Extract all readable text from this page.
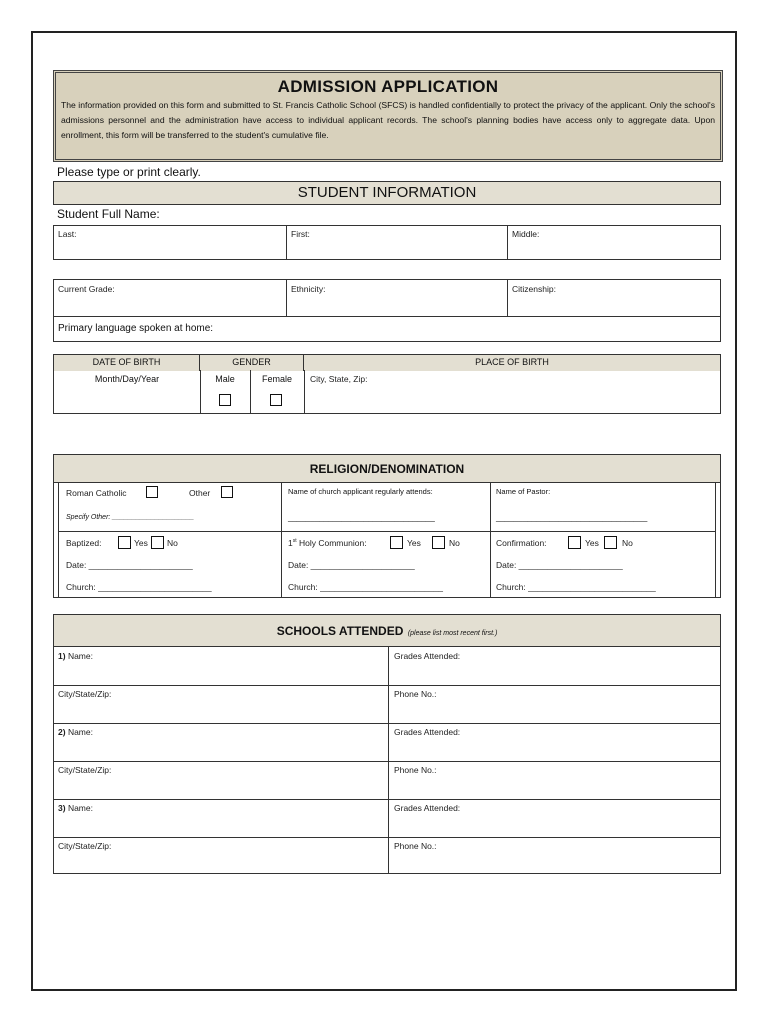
ADMISSION APPLICATION
The information provided on this form and submitted to St. Francis Catholic School (SFCS) is handled confidentially to protect the privacy of the applicant. Only the school's admissions personnel and the administration have access to individual applicant records. The school's planning bodies have access only to aggregate data. Upon enrollment, this form will be transferred to the student's cumulative file.
Please type or print clearly.
STUDENT INFORMATION
Student Full Name:
Last:	First:	Middle:
Current Grade:	Ethnicity:	Citizenship:
Primary language spoken at home:
DATE OF BIRTH	GENDER	PLACE OF BIRTH
Month/Day/Year	Male	Female	City, State, Zip:
RELIGION/DENOMINATION
Roman Catholic	Other
Specify Other: _____________________
Name of church applicant regularly attends:
_________________________________
Name of Pastor:
__________________________________
Baptized:	Yes No	1st Holy Communion:	Yes	No	Confirmation:	Yes	No
Date: ______________________	Date: ______________________	Date: ______________________
Church: ________________________	Church: __________________________	Church: ___________________________
SCHOOLS ATTENDED (please list most recent first.)
1) Name:	Grades Attended:
City/State/Zip:	Phone No.:
2) Name:	Grades Attended:
City/State/Zip:	Phone No.:
3) Name:	Grades Attended:
City/State/Zip:	Phone No.:
